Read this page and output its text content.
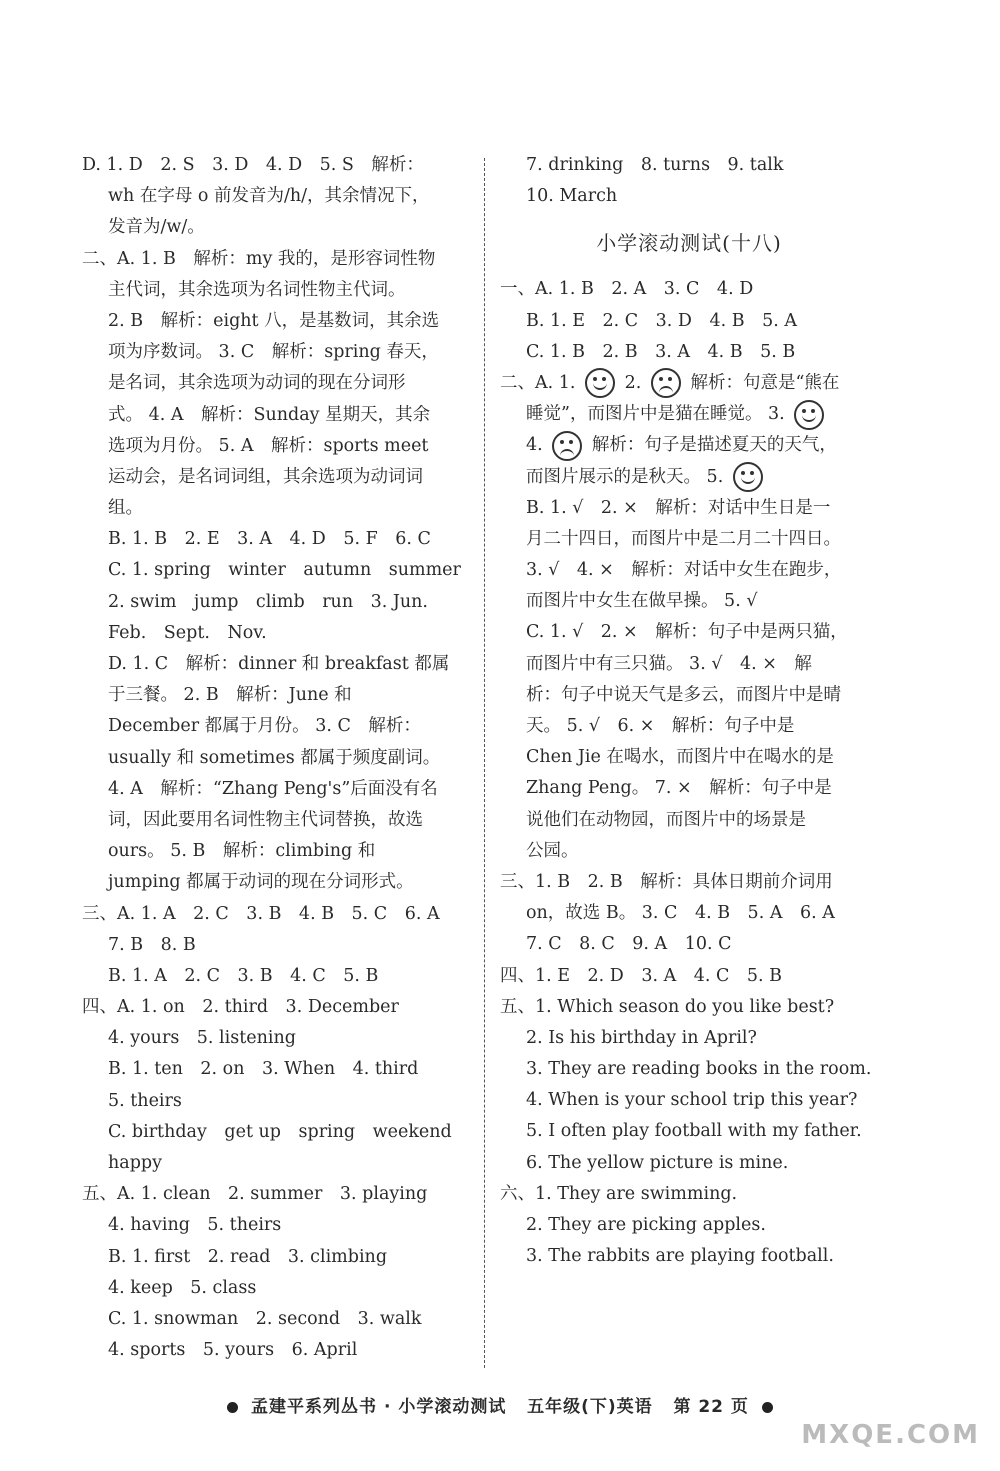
D. 1. D　2. S　3. D　4. D　5. S　解析：
wh 在字母 o 前发音为/h/，其余情况下，
发音为/w/。
二、A. 1. B　解析：my 我的，是形容词性物
主代词，其余选项为名词性物主代词。
2. B　解析：eight 八，是基数词，其余选
项为序数词。 3. C　解析：spring 春天，
是名词，其余选项为动词的现在分词形
式。 4. A　解析：Sunday 星期天，其余
选项为月份。 5. A　解析：sports meet
运动会，是名词词组，其余选项为动词词
组。
B. 1. B　2. E　3. A　4. D　5. F　6. C
C. 1. spring　winter　autumn　summer
2. swim　jump　climb　run　3. Jun.
Feb.　Sept.　Nov.
D. 1. C　解析：dinner 和 breakfast 都属
于三餐。 2. B　解析：June 和
December 都属于月份。 3. C　解析：
usually 和 sometimes 都属于频度副词。
4. A　解析：“Zhang Peng's”后面没有名
词，因此要用名词性物主代词替换，故选
ours。 5. B　解析：climbing 和
jumping 都属于动词的现在分词形式。
三、A. 1. A　2. C　3. B　4. B　5. C　6. A
7. B　8. B
B. 1. A　2. C　3. B　4. C　5. B
四、A. 1. on　2. third　3. December
4. yours　5. listening
B. 1. ten　2. on　3. When　4. third
5. theirs
C. birthday　get up　spring　weekend
happy
五、A. 1. clean　2. summer　3. playing
4. having　5. theirs
B. 1. first　2. read　3. climbing
4. keep　5. class
C. 1. snowman　2. second　3. walk
4. sports　5. yours　6. April
7. drinking　8. turns　9. talk
10. March
小学滚动测试(十八)
一、A. 1. B　2. A　3. C　4. D
B. 1. E　2. C　3. D　4. B　5. A
C. 1. B　2. B　3. A　4. B　5. B
二、A. 1.	2.	解析：句意是“熊在
睡觉”，而图片中是猫在睡觉。 3.
4.	解析：句子是描述夏天的天气，
而图片展示的是秋天。 5.
B. 1. √　2. ×　解析：对话中生日是一
月二十四日，而图片中是二月二十四日。
3. √　4. ×　解析：对话中女生在跑步，
而图片中女生在做早操。 5. √
C. 1. √　2. ×　解析：句子中是两只猫，
而图片中有三只猫。 3. √　4. ×　解
析：句子中说天气是多云，而图片中是晴
天。 5. √　6. ×　解析：句子中是
Chen Jie 在喝水，而图片中在喝水的是
Zhang Peng。 7. ×　解析：句子中是
说他们在动物园，而图片中的场景是
公园。
三、1. B　2. B　解析：具体日期前介词用
on，故选 B。 3. C　4. B　5. A　6. A
7. C　8. C　9. A　10. C
四、1. E　2. D　3. A　4. C　5. B
五、1. Which season do you like best?
2. Is his birthday in April?
3. They are reading books in the room.
4. When is your school trip this year?
5. I often play football with my father.
6. The yellow picture is mine.
六、1. They are swimming.
2. They are picking apples.
3. The rabbits are playing football.
孟建平系列丛书 · 小学滚动测试 五年级(下)英语 第 22 页
MXQE.COM
